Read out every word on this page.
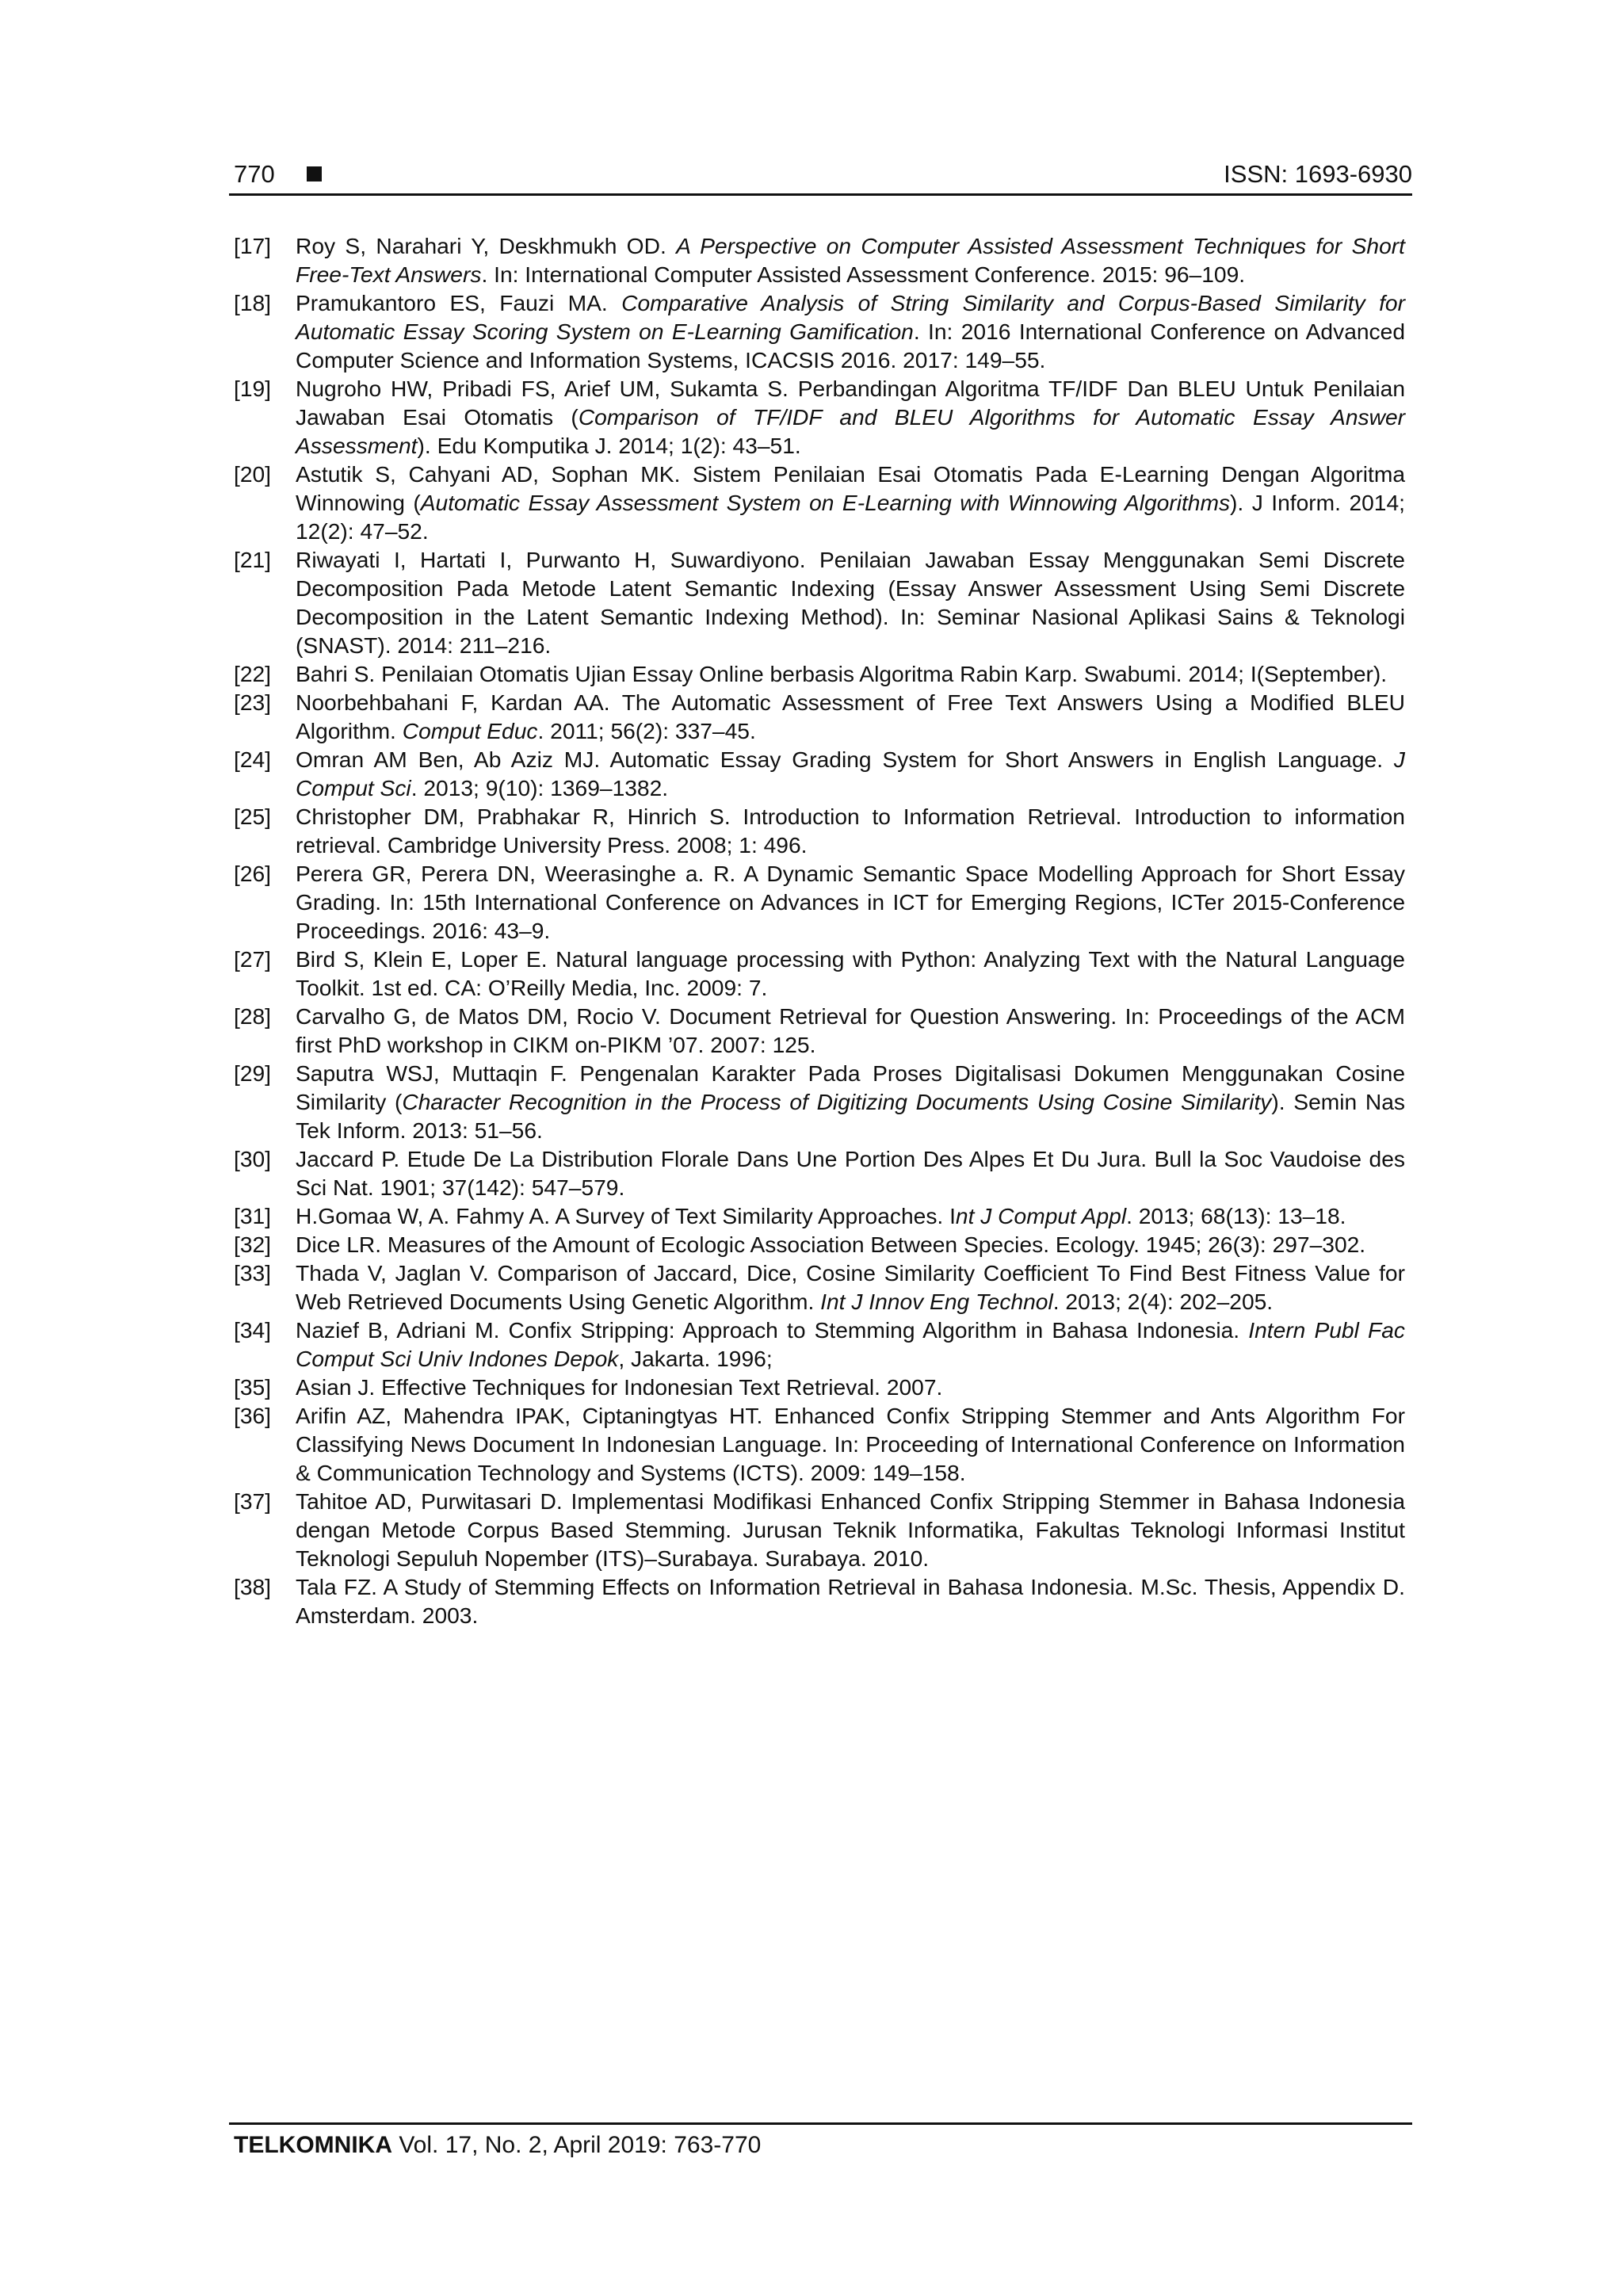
770	ISSN: 1693-6930
[17] Roy S, Narahari Y, Deskhmukh OD. A Perspective on Computer Assisted Assessment Techniques for Short Free-Text Answers. In: International Computer Assisted Assessment Conference. 2015: 96–109.
[18] Pramukantoro ES, Fauzi MA. Comparative Analysis of String Similarity and Corpus-Based Similarity for Automatic Essay Scoring System on E-Learning Gamification. In: 2016 International Conference on Advanced Computer Science and Information Systems, ICACSIS 2016. 2017: 149–55.
[19] Nugroho HW, Pribadi FS, Arief UM, Sukamta S. Perbandingan Algoritma TF/IDF Dan BLEU Untuk Penilaian Jawaban Esai Otomatis (Comparison of TF/IDF and BLEU Algorithms for Automatic Essay Answer Assessment). Edu Komputika J. 2014; 1(2): 43–51.
[20] Astutik S, Cahyani AD, Sophan MK. Sistem Penilaian Esai Otomatis Pada E-Learning Dengan Algoritma Winnowing (Automatic Essay Assessment System on E-Learning with Winnowing Algorithms). J Inform. 2014; 12(2): 47–52.
[21] Riwayati I, Hartati I, Purwanto H, Suwardiyono. Penilaian Jawaban Essay Menggunakan Semi Discrete Decomposition Pada Metode Latent Semantic Indexing (Essay Answer Assessment Using Semi Discrete Decomposition in the Latent Semantic Indexing Method). In: Seminar Nasional Aplikasi Sains & Teknologi (SNAST). 2014: 211–216.
[22] Bahri S. Penilaian Otomatis Ujian Essay Online berbasis Algoritma Rabin Karp. Swabumi. 2014; I(September).
[23] Noorbehbahani F, Kardan AA. The Automatic Assessment of Free Text Answers Using a Modified BLEU Algorithm. Comput Educ. 2011; 56(2): 337–45.
[24] Omran AM Ben, Ab Aziz MJ. Automatic Essay Grading System for Short Answers in English Language. J Comput Sci. 2013; 9(10): 1369–1382.
[25] Christopher DM, Prabhakar R, Hinrich S. Introduction to Information Retrieval. Introduction to information retrieval. Cambridge University Press. 2008; 1: 496.
[26] Perera GR, Perera DN, Weerasinghe a. R. A Dynamic Semantic Space Modelling Approach for Short Essay Grading. In: 15th International Conference on Advances in ICT for Emerging Regions, ICTer 2015-Conference Proceedings. 2016: 43–9.
[27] Bird S, Klein E, Loper E. Natural language processing with Python: Analyzing Text with the Natural Language Toolkit. 1st ed. CA: O’Reilly Media, Inc. 2009: 7.
[28] Carvalho G, de Matos DM, Rocio V. Document Retrieval for Question Answering. In: Proceedings of the ACM first PhD workshop in CIKM on-PIKM ’07. 2007: 125.
[29] Saputra WSJ, Muttaqin F. Pengenalan Karakter Pada Proses Digitalisasi Dokumen Menggunakan Cosine Similarity (Character Recognition in the Process of Digitizing Documents Using Cosine Similarity). Semin Nas Tek Inform. 2013: 51–56.
[30] Jaccard P. Etude De La Distribution Florale Dans Une Portion Des Alpes Et Du Jura. Bull la Soc Vaudoise des Sci Nat. 1901; 37(142): 547–579.
[31] H.Gomaa W, A. Fahmy A. A Survey of Text Similarity Approaches. Int J Comput Appl. 2013; 68(13): 13–18.
[32] Dice LR. Measures of the Amount of Ecologic Association Between Species. Ecology. 1945; 26(3): 297–302.
[33] Thada V, Jaglan V. Comparison of Jaccard, Dice, Cosine Similarity Coefficient To Find Best Fitness Value for Web Retrieved Documents Using Genetic Algorithm. Int J Innov Eng Technol. 2013; 2(4): 202–205.
[34] Nazief B, Adriani M. Confix Stripping: Approach to Stemming Algorithm in Bahasa Indonesia. Intern Publ Fac Comput Sci Univ Indones Depok, Jakarta. 1996;
[35] Asian J. Effective Techniques for Indonesian Text Retrieval. 2007.
[36] Arifin AZ, Mahendra IPAK, Ciptaningtyas HT. Enhanced Confix Stripping Stemmer and Ants Algorithm For Classifying News Document In Indonesian Language. In: Proceeding of International Conference on Information & Communication Technology and Systems (ICTS). 2009: 149–158.
[37] Tahitoe AD, Purwitasari D. Implementasi Modifikasi Enhanced Confix Stripping Stemmer in Bahasa Indonesia dengan Metode Corpus Based Stemming. Jurusan Teknik Informatika, Fakultas Teknologi Informasi Institut Teknologi Sepuluh Nopember (ITS)–Surabaya. Surabaya. 2010.
[38] Tala FZ. A Study of Stemming Effects on Information Retrieval in Bahasa Indonesia. M.Sc. Thesis, Appendix D. Amsterdam. 2003.
TELKOMNIKA Vol. 17, No. 2, April 2019: 763-770
